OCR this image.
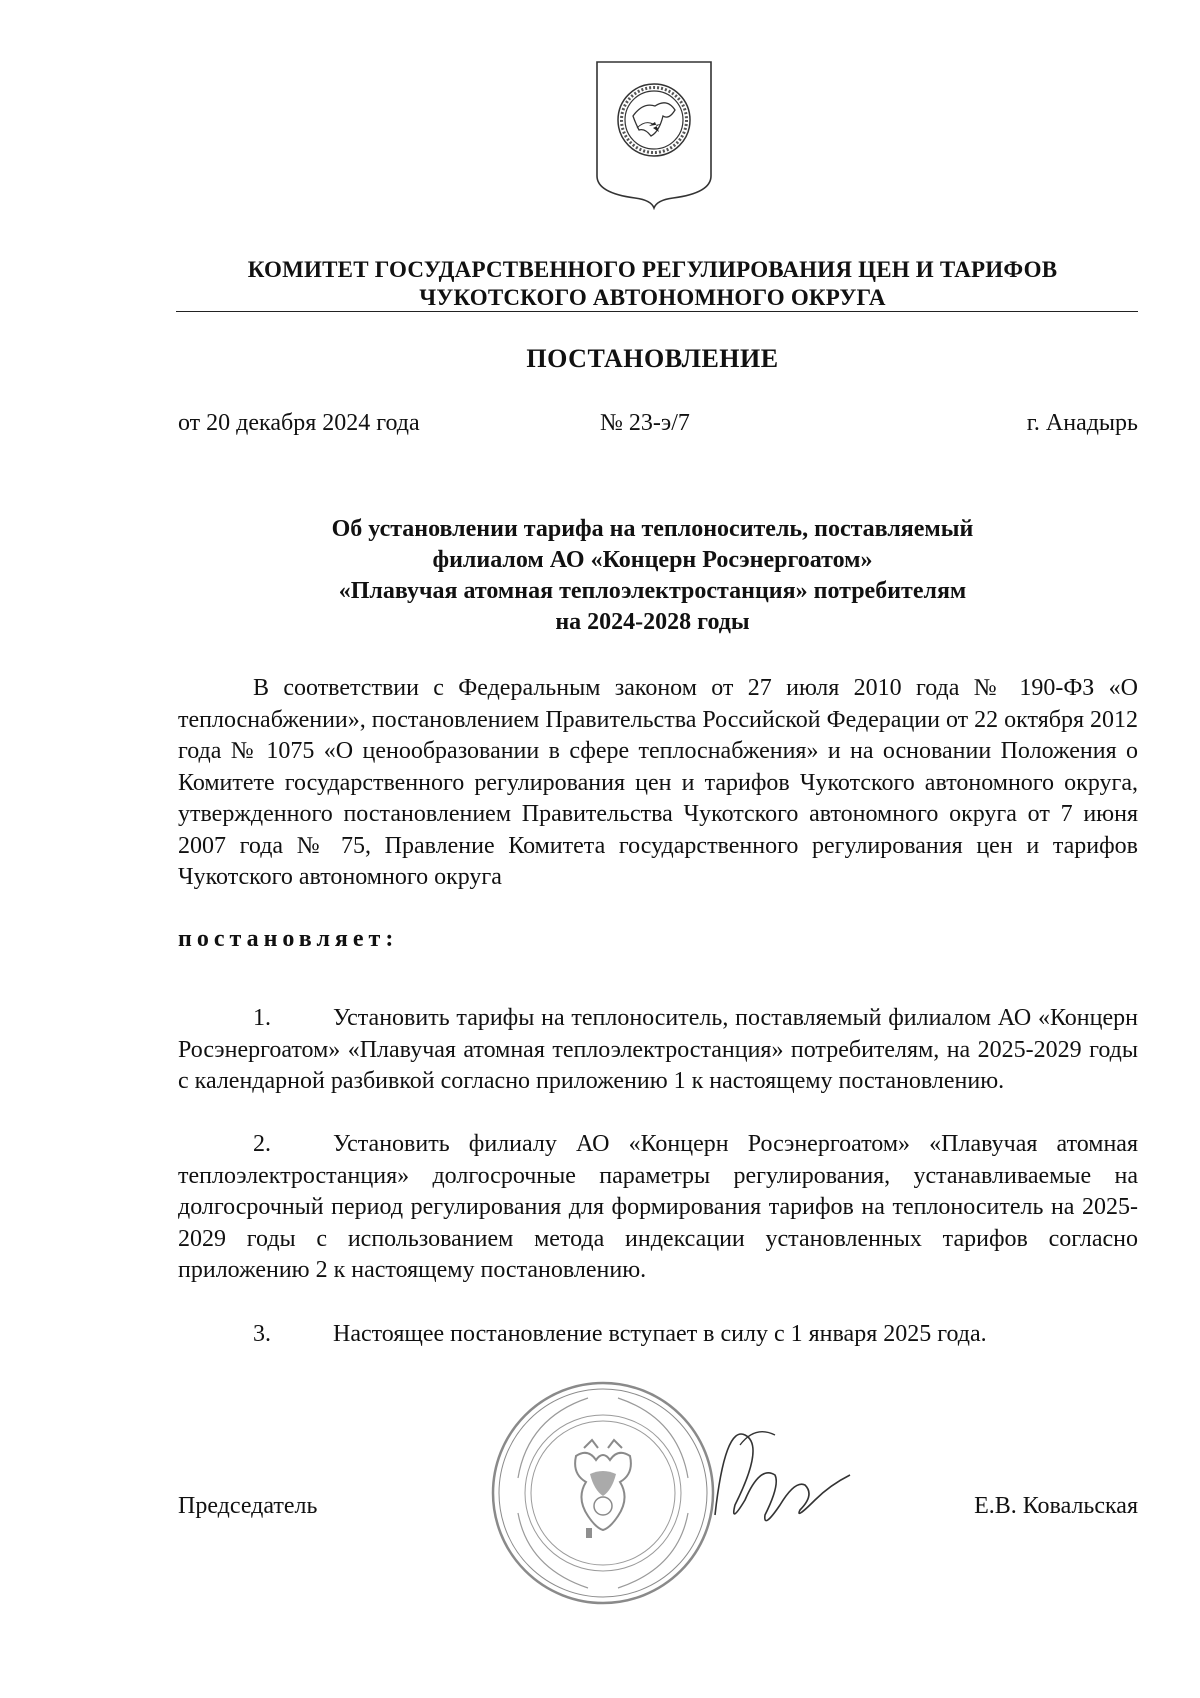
КОМИТЕТ ГОСУДАРСТВЕННОГО РЕГУЛИРОВАНИЯ ЦЕН И ТАРИФОВ
ЧУКОТСКОГО АВТОНОМНОГО ОКРУГА
ПОСТАНОВЛЕНИЕ
от 20 декабря 2024 года	№ 23-э/7	г. Анадырь
Об установлении тарифа на теплоноситель, поставляемый
филиалом АО «Концерн Росэнергоатом»
«Плавучая атомная теплоэлектростанция» потребителям
на 2024-2028 годы

В соответствии с Федеральным законом от 27 июля 2010 года № 190-ФЗ «О теплоснабжении», постановлением Правительства Российской Федерации от 22 октября 2012 года № 1075 «О ценообразовании в сфере теплоснабжения» и на основании Положения о Комитете государственного регулирования цен и тарифов Чукотского автономного округа, утвержденного постановлением Правительства Чукотского автономного округа от 7 июня 2007 года № 75, Правление Комитета государственного регулирования цен и тарифов Чукотского автономного округа

постановляет:

1.	Установить тарифы на теплоноситель, поставляемый филиалом АО «Концерн Росэнергоатом» «Плавучая атомная теплоэлектростанция» потребителям, на 2025-2029 годы с календарной разбивкой согласно приложению 1 к настоящему постановлению.

2.	Установить филиалу АО «Концерн Росэнергоатом» «Плавучая атомная теплоэлектростанция» долгосрочные параметры регулирования, устанавливаемые на долгосрочный период регулирования для формирования тарифов на теплоноситель на 2025-2029 годы с использованием метода индексации установленных тарифов согласно приложению 2 к настоящему постановлению.

3.	Настоящее постановление вступает в силу с 1 января 2025 года.

Председатель	Е.В. Ковальская
